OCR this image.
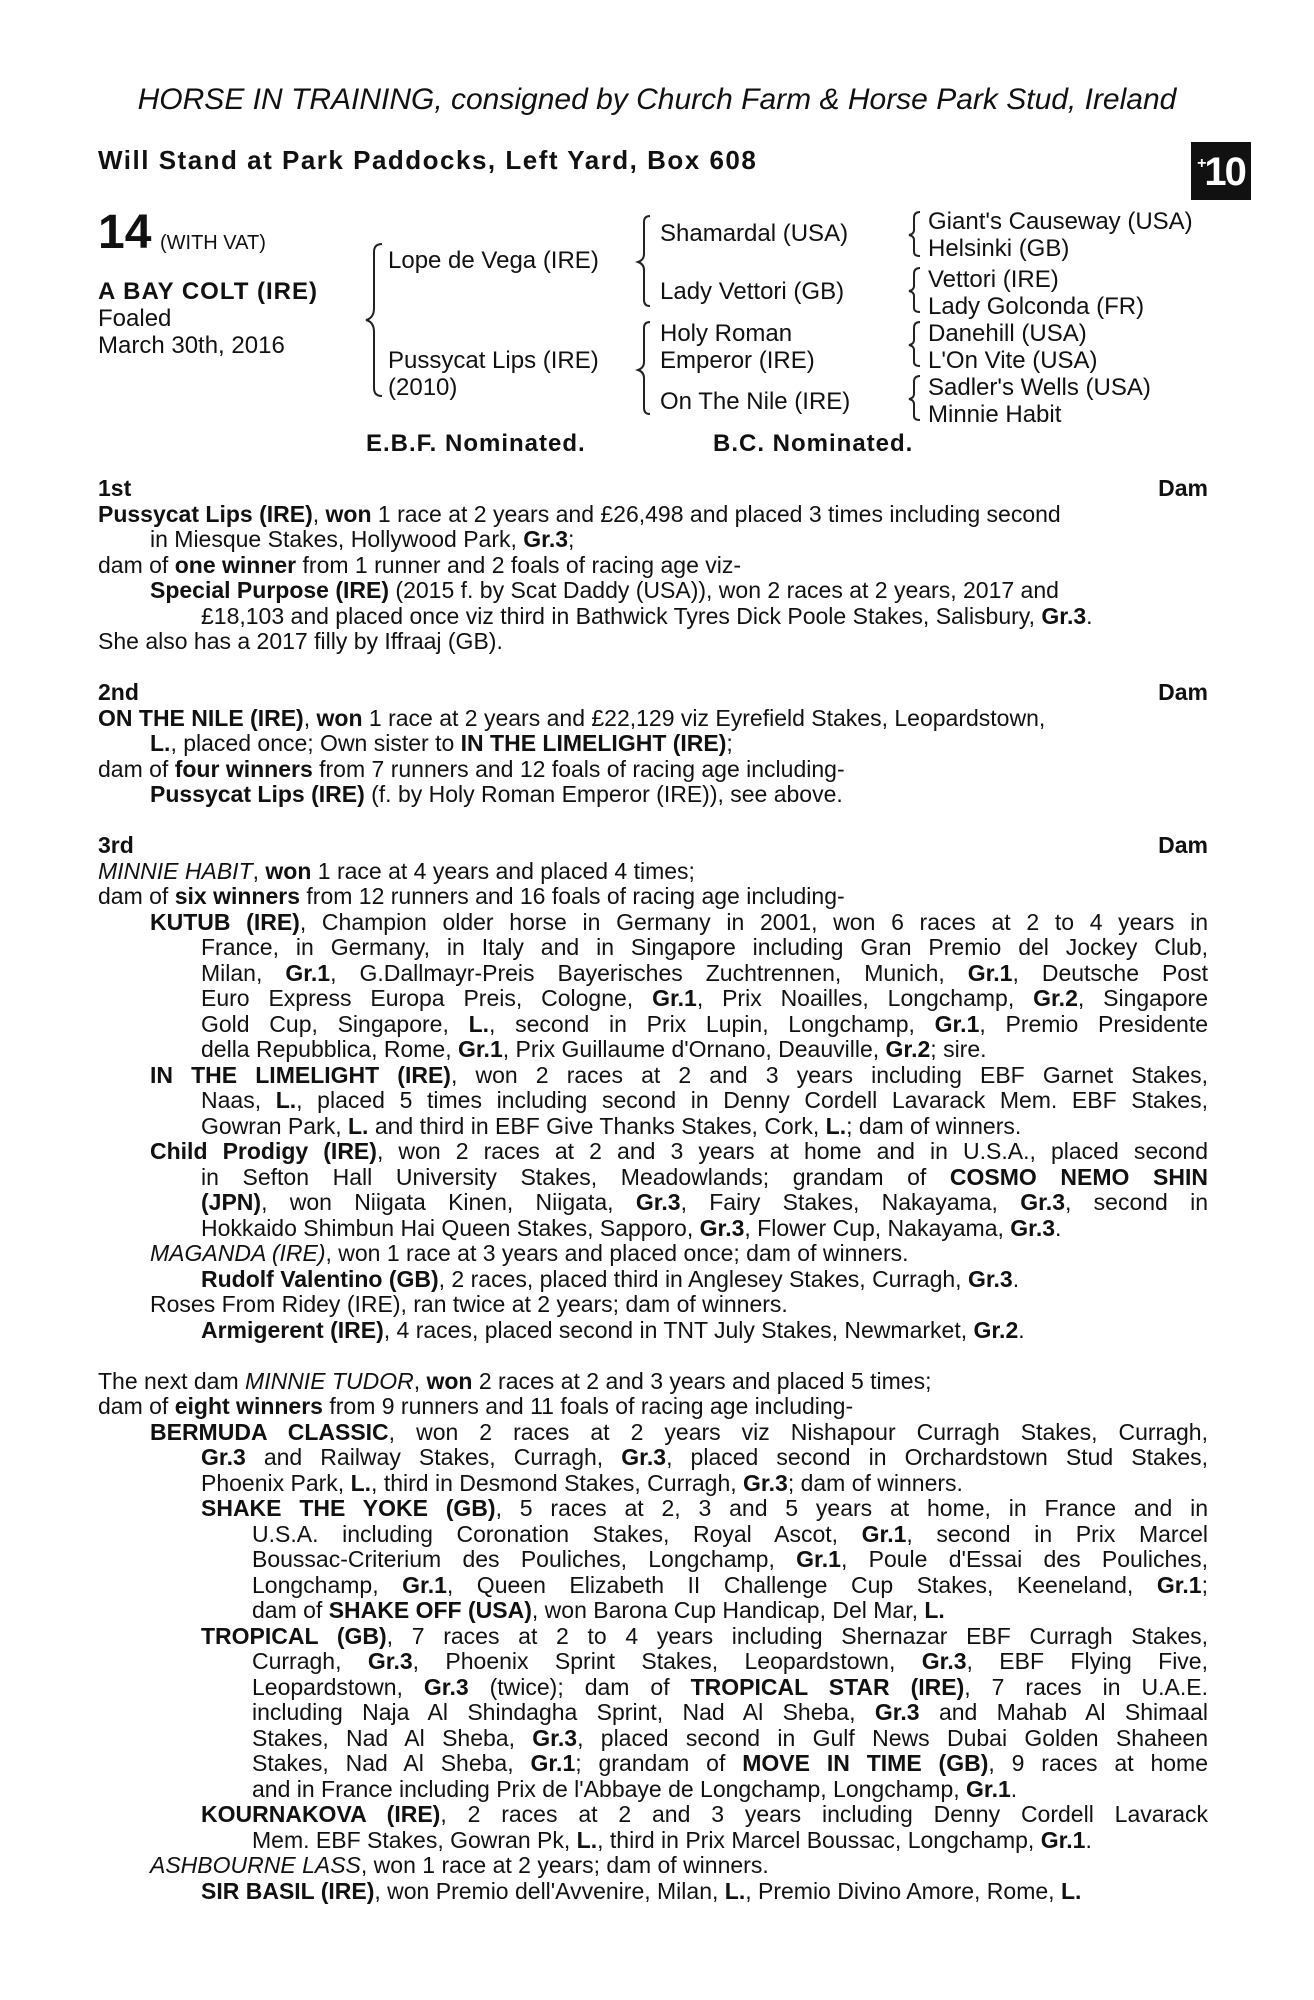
HORSE IN TRAINING, consigned by Church Farm & Horse Park Stud, Ireland
Will Stand at Park Paddocks, Left Yard, Box 608	+10
14 (WITH VAT)
A BAY COLT (IRE)
Foaled
March 30th, 2016
Lope de Vega (IRE)
Pussycat Lips (IRE)
(2010)
Shamardal (USA)
Lady Vettori (GB)
Holy Roman
Emperor (IRE)
On The Nile (IRE)
Giant's Causeway (USA)
Helsinki (GB)
Vettori (IRE)
Lady Golconda (FR)
Danehill (USA)
L'On Vite (USA)
Sadler's Wells (USA)
Minnie Habit
E.B.F. Nominated.	B.C. Nominated.
1st Dam
Pussycat Lips (IRE), won 1 race at 2 years and £26,498 and placed 3 times including second
in Miesque Stakes, Hollywood Park, Gr.3;
dam of one winner from 1 runner and 2 foals of racing age viz-
Special Purpose (IRE) (2015 f. by Scat Daddy (USA)), won 2 races at 2 years, 2017 and
£18,103 and placed once viz third in Bathwick Tyres Dick Poole Stakes, Salisbury, Gr.3.
She also has a 2017 filly by Iffraaj (GB).
2nd Dam
ON THE NILE (IRE), won 1 race at 2 years and £22,129 viz Eyrefield Stakes, Leopardstown,
L., placed once; Own sister to IN THE LIMELIGHT (IRE);
dam of four winners from 7 runners and 12 foals of racing age including-
Pussycat Lips (IRE) (f. by Holy Roman Emperor (IRE)), see above.
3rd Dam
MINNIE HABIT, won 1 race at 4 years and placed 4 times;
dam of six winners from 12 runners and 16 foals of racing age including-
KUTUB (IRE), Champion older horse in Germany in 2001, won 6 races at 2 to 4 years in
France, in Germany, in Italy and in Singapore including Gran Premio del Jockey Club,
Milan, Gr.1, G.Dallmayr-Preis Bayerisches Zuchtrennen, Munich, Gr.1, Deutsche Post
Euro Express Europa Preis, Cologne, Gr.1, Prix Noailles, Longchamp, Gr.2, Singapore
Gold Cup, Singapore, L., second in Prix Lupin, Longchamp, Gr.1, Premio Presidente
della Repubblica, Rome, Gr.1, Prix Guillaume d'Ornano, Deauville, Gr.2; sire.
IN THE LIMELIGHT (IRE), won 2 races at 2 and 3 years including EBF Garnet Stakes,
Naas, L., placed 5 times including second in Denny Cordell Lavarack Mem. EBF Stakes,
Gowran Park, L. and third in EBF Give Thanks Stakes, Cork, L.; dam of winners.
Child Prodigy (IRE), won 2 races at 2 and 3 years at home and in U.S.A., placed second
in Sefton Hall University Stakes, Meadowlands; grandam of COSMO NEMO SHIN
(JPN), won Niigata Kinen, Niigata, Gr.3, Fairy Stakes, Nakayama, Gr.3, second in
Hokkaido Shimbun Hai Queen Stakes, Sapporo, Gr.3, Flower Cup, Nakayama, Gr.3.
MAGANDA (IRE), won 1 race at 3 years and placed once; dam of winners.
Rudolf Valentino (GB), 2 races, placed third in Anglesey Stakes, Curragh, Gr.3.
Roses From Ridey (IRE), ran twice at 2 years; dam of winners.
Armigerent (IRE), 4 races, placed second in TNT July Stakes, Newmarket, Gr.2.
The next dam MINNIE TUDOR, won 2 races at 2 and 3 years and placed 5 times;
dam of eight winners from 9 runners and 11 foals of racing age including-
BERMUDA CLASSIC, won 2 races at 2 years viz Nishapour Curragh Stakes, Curragh,
Gr.3 and Railway Stakes, Curragh, Gr.3, placed second in Orchardstown Stud Stakes,
Phoenix Park, L., third in Desmond Stakes, Curragh, Gr.3; dam of winners.
SHAKE THE YOKE (GB), 5 races at 2, 3 and 5 years at home, in France and in
U.S.A. including Coronation Stakes, Royal Ascot, Gr.1, second in Prix Marcel
Boussac-Criterium des Pouliches, Longchamp, Gr.1, Poule d'Essai des Pouliches,
Longchamp, Gr.1, Queen Elizabeth II Challenge Cup Stakes, Keeneland, Gr.1;
dam of SHAKE OFF (USA), won Barona Cup Handicap, Del Mar, L.
TROPICAL (GB), 7 races at 2 to 4 years including Shernazar EBF Curragh Stakes,
Curragh, Gr.3, Phoenix Sprint Stakes, Leopardstown, Gr.3, EBF Flying Five,
Leopardstown, Gr.3 (twice); dam of TROPICAL STAR (IRE), 7 races in U.A.E.
including Naja Al Shindagha Sprint, Nad Al Sheba, Gr.3 and Mahab Al Shimaal
Stakes, Nad Al Sheba, Gr.3, placed second in Gulf News Dubai Golden Shaheen
Stakes, Nad Al Sheba, Gr.1; grandam of MOVE IN TIME (GB), 9 races at home
and in France including Prix de l'Abbaye de Longchamp, Longchamp, Gr.1.
KOURNAKOVA (IRE), 2 races at 2 and 3 years including Denny Cordell Lavarack
Mem. EBF Stakes, Gowran Pk, L., third in Prix Marcel Boussac, Longchamp, Gr.1.
ASHBOURNE LASS, won 1 race at 2 years; dam of winners.
SIR BASIL (IRE), won Premio dell'Avvenire, Milan, L., Premio Divino Amore, Rome, L.
